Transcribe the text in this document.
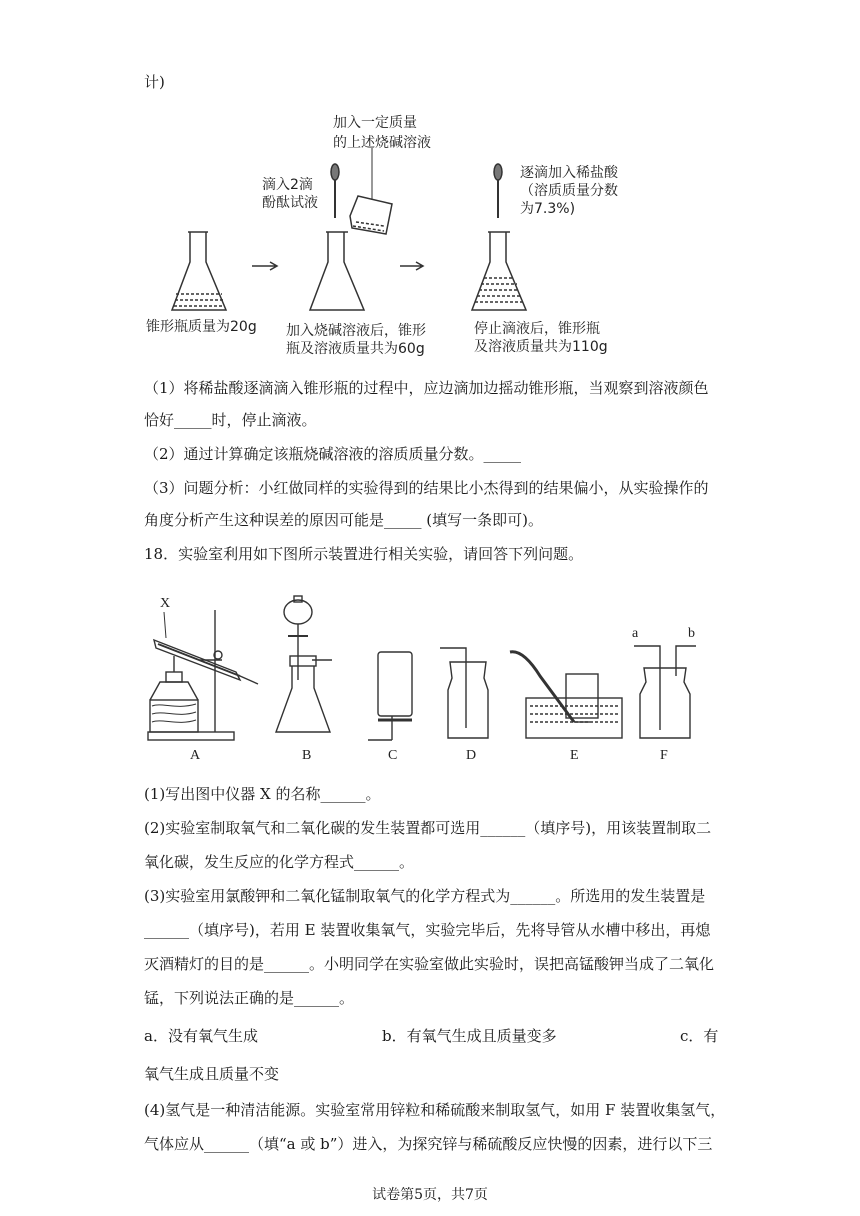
计)
加入一定质量
的上述烧碱溶液
滴入2滴
酚酞试液
逐滴加入稀盐酸
（溶质质量分数
为7.3%)
锥形瓶质量为20g 加入烧碱溶液后，锥形
瓶及溶液质量共为60g
停止滴液后，锥形瓶
及溶液质量共为110g
（1）将稀盐酸逐滴滴入锥形瓶的过程中，应边滴加边摇动锥形瓶，当观察到溶液颜色
恰好_____时，停止滴液。
（2）通过计算确定该瓶烧碱溶液的溶质质量分数。_____
（3）问题分析：小红做同样的实验得到的结果比小杰得到的结果偏小，从实验操作的
角度分析产生这种误差的原因可能是_____ (填写一条即可)。
18．实验室利用如下图所示装置进行相关实验，请回答下列问题。
X
a	b
A	B	C	D	E	F
(1)写出图中仪器 X 的名称______。
(2)实验室制取氧气和二氧化碳的发生装置都可选用______（填序号)，用该装置制取二
氧化碳，发生反应的化学方程式______。
(3)实验室用氯酸钾和二氧化锰制取氧气的化学方程式为______。所选用的发生装置是
______（填序号)，若用 E 装置收集氧气，实验完毕后，先将导管从水槽中移出，再熄
灭酒精灯的目的是______。小明同学在实验室做此实验时，误把高锰酸钾当成了二氧化
锰，下列说法正确的是______。
a．没有氧气生成	b．有氧气生成且质量变多	c．有
氧气生成且质量不变
(4)氢气是一种清洁能源。实验室常用锌粒和稀硫酸来制取氢气，如用 F 装置收集氢气，
气体应从______（填“a 或 b”）进入，为探究锌与稀硫酸反应快慢的因素，进行以下三
试卷第5页，共7页
